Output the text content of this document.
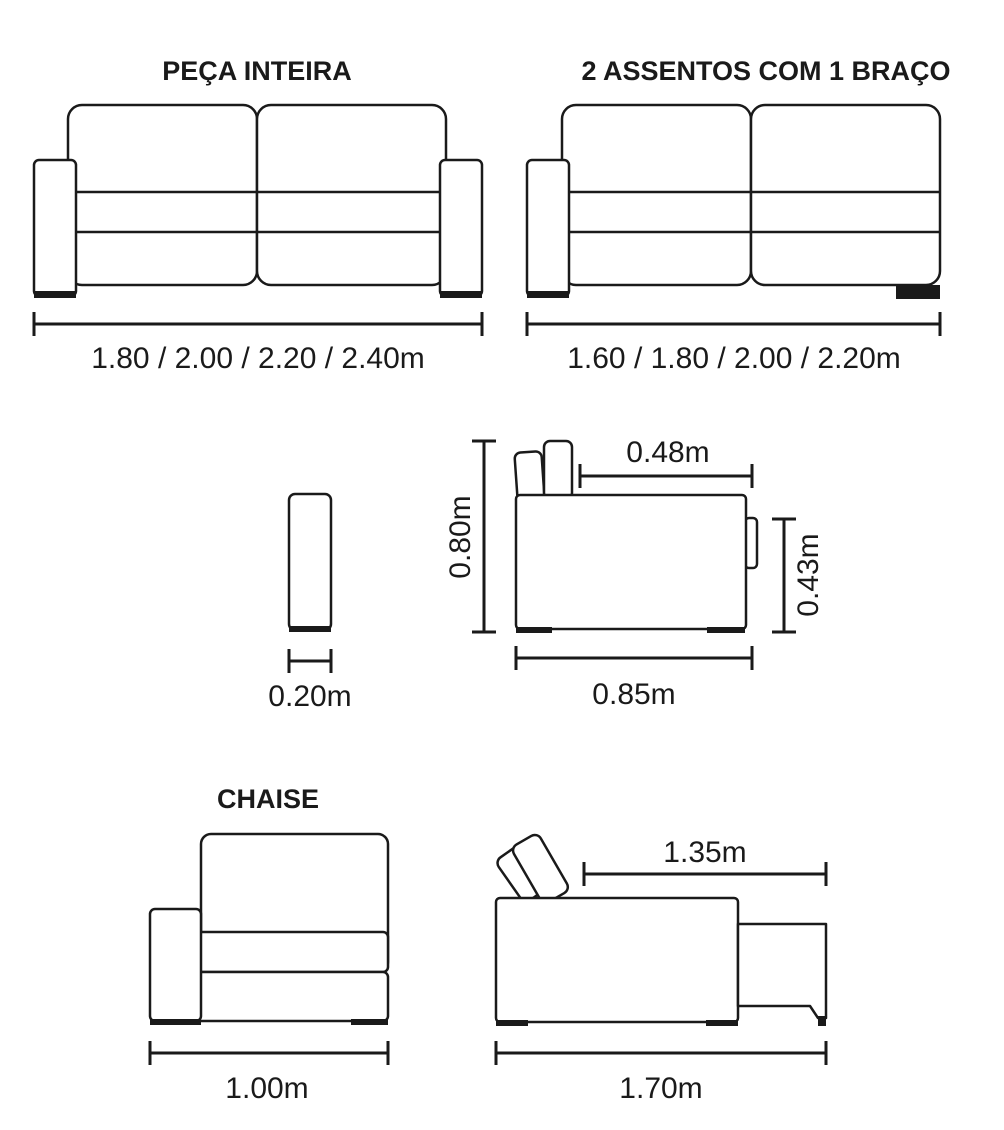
PEÇA INTEIRA	2 ASSENTOS COM 1 BRAÇO
CHAISE
1.80 / 2.00 / 2.20 / 2.40m	1.60 / 1.80 / 2.00 / 2.20m
0.20m
0.80m
0.48m
0.43m
0.85m
1.00m
1.35m
1.70m
